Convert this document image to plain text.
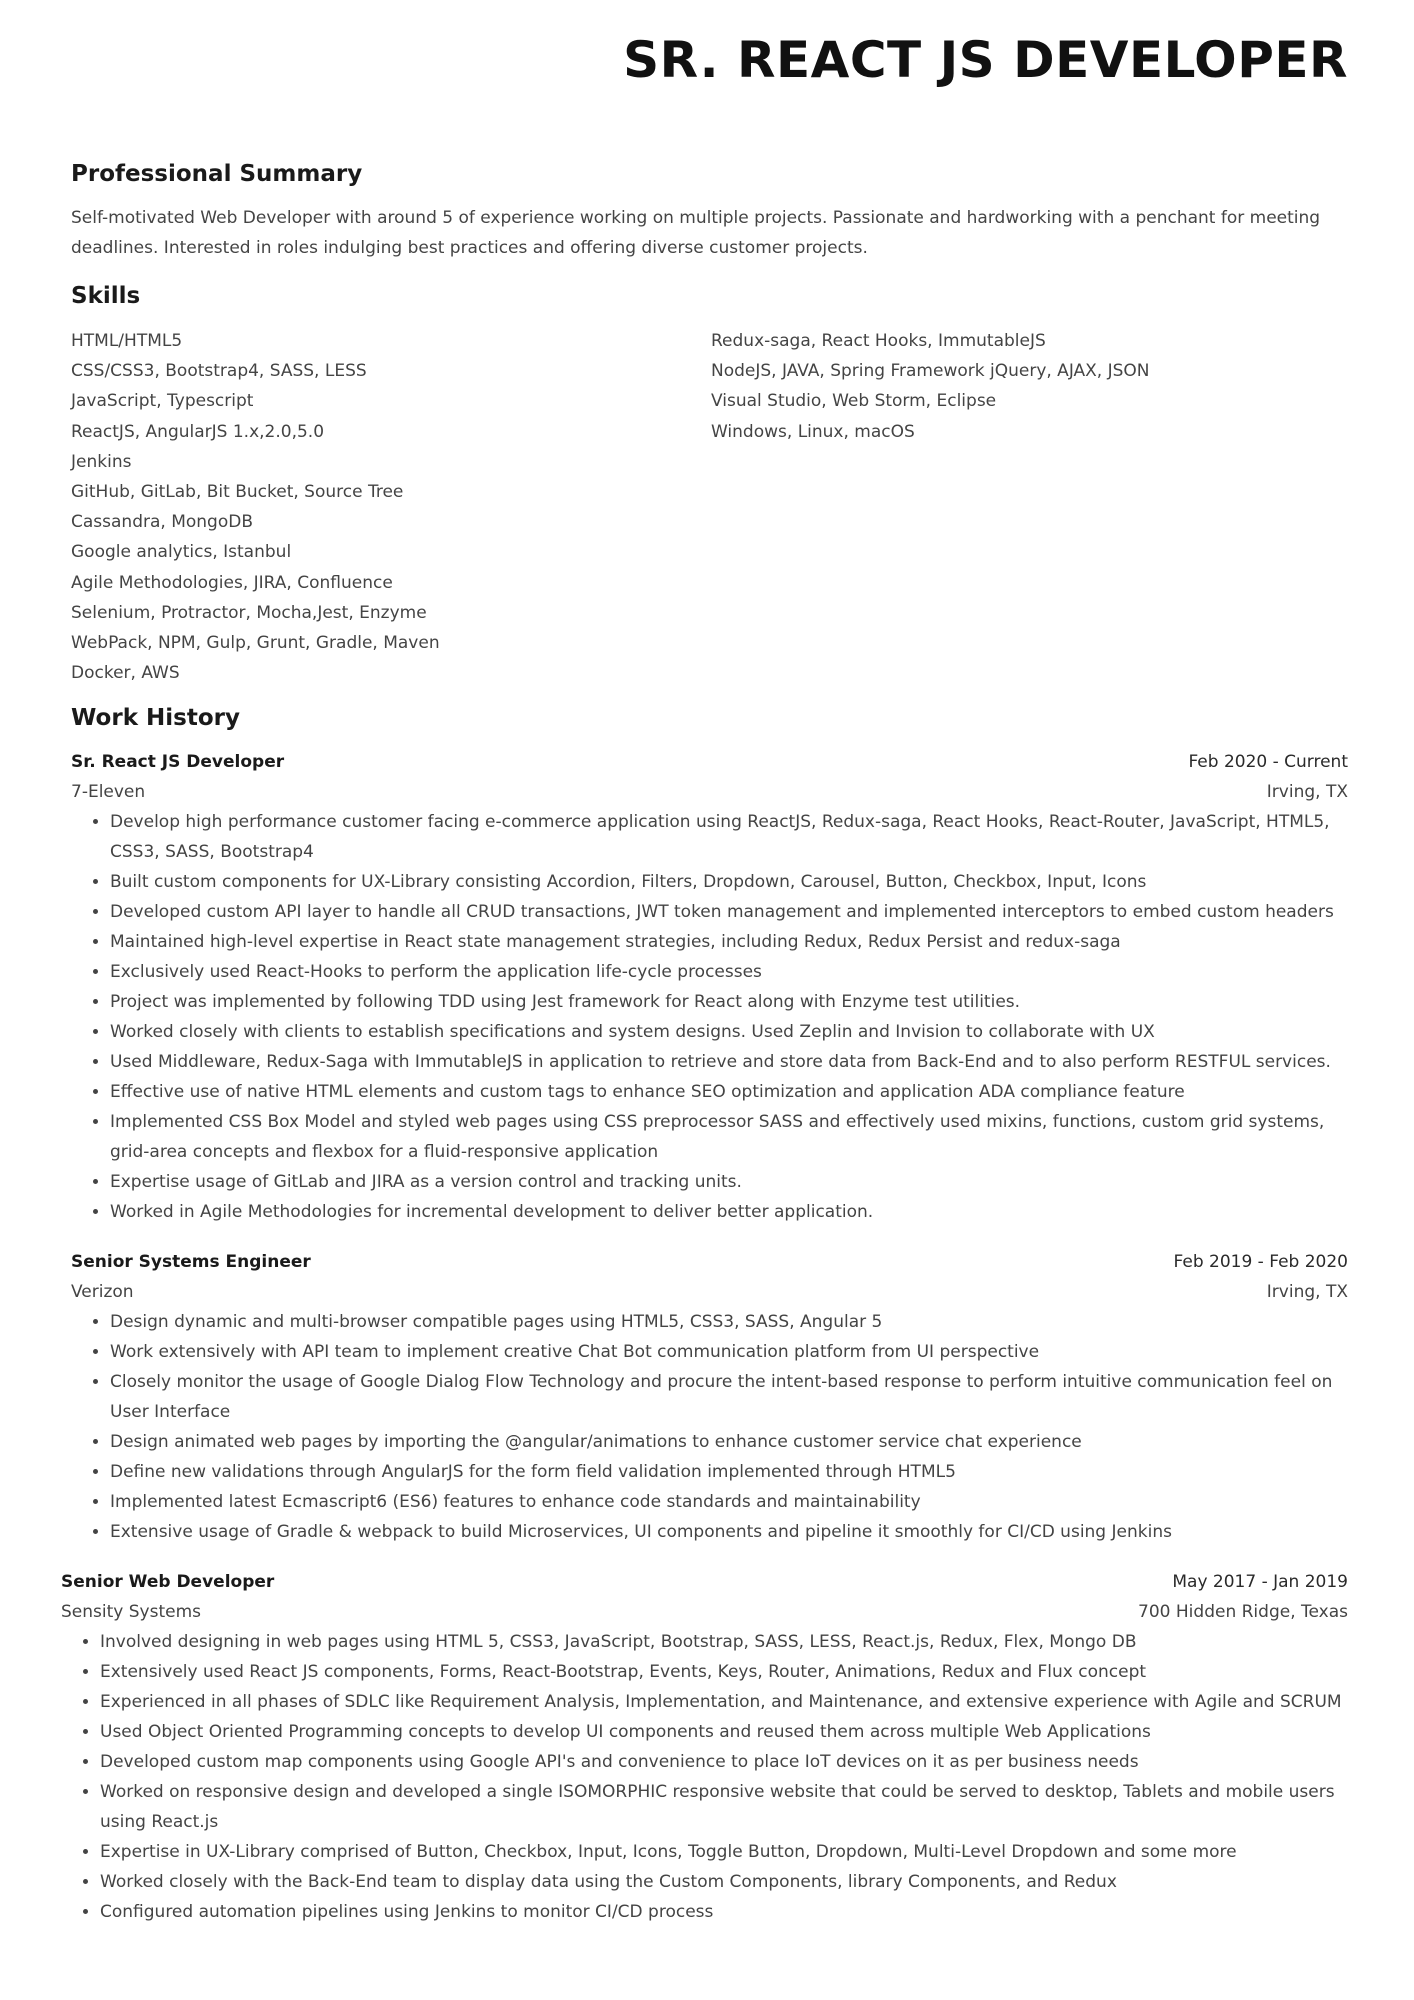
SR. REACT JS DEVELOPER
Professional Summary

Self-motivated Web Developer with around 5 of experience working on multiple projects. Passionate and hardworking with a penchant for meeting deadlines. Interested in roles indulging best practices and offering diverse customer projects.

Skills
HTML/HTML5
CSS/CSS3, Bootstrap4, SASS, LESS
JavaScript, Typescript
ReactJS, AngularJS 1.x,2.0,5.0
Jenkins
GitHub, GitLab, Bit Bucket, Source Tree
Cassandra, MongoDB
Google analytics, Istanbul
Agile Methodologies, JIRA, Confluence
Selenium, Protractor, Mocha,Jest, Enzyme
WebPack, NPM, Gulp, Grunt, Gradle, Maven
Docker, AWS
Redux-saga, React Hooks, ImmutableJS
NodeJS, JAVA, Spring Framework jQuery, AJAX, JSON
Visual Studio, Web Storm, Eclipse
Windows, Linux, macOS
Work History
Sr. React JS Developer	Feb 2020 - Current
7-Eleven	Irving, TX
• Develop high performance customer facing e-commerce application using ReactJS, Redux-saga, React Hooks, React-Router, JavaScript, HTML5, CSS3, SASS, Bootstrap4
• Built custom components for UX-Library consisting Accordion, Filters, Dropdown, Carousel, Button, Checkbox, Input, Icons
• Developed custom API layer to handle all CRUD transactions, JWT token management and implemented interceptors to embed custom headers
• Maintained high-level expertise in React state management strategies, including Redux, Redux Persist and redux-saga
• Exclusively used React-Hooks to perform the application life-cycle processes
• Project was implemented by following TDD using Jest framework for React along with Enzyme test utilities.
• Worked closely with clients to establish specifications and system designs. Used Zeplin and Invision to collaborate with UX
• Used Middleware, Redux-Saga with ImmutableJS in application to retrieve and store data from Back-End and to also perform RESTFUL services.
• Effective use of native HTML elements and custom tags to enhance SEO optimization and application ADA compliance feature
• Implemented CSS Box Model and styled web pages using CSS preprocessor SASS and effectively used mixins, functions, custom grid systems, grid-area concepts and flexbox for a fluid-responsive application
• Expertise usage of GitLab and JIRA as a version control and tracking units.
• Worked in Agile Methodologies for incremental development to deliver better application.
Senior Systems Engineer	Feb 2019 - Feb 2020
Verizon	Irving, TX
• Design dynamic and multi-browser compatible pages using HTML5, CSS3, SASS, Angular 5
• Work extensively with API team to implement creative Chat Bot communication platform from UI perspective
• Closely monitor the usage of Google Dialog Flow Technology and procure the intent-based response to perform intuitive communication feel on User Interface
• Design animated web pages by importing the @angular/animations to enhance customer service chat experience
• Define new validations through AngularJS for the form field validation implemented through HTML5
• Implemented latest Ecmascript6 (ES6) features to enhance code standards and maintainability
• Extensive usage of Gradle & webpack to build Microservices, UI components and pipeline it smoothly for CI/CD using Jenkins
Senior Web Developer	May 2017 - Jan 2019
Sensity Systems	700 Hidden Ridge, Texas
• Involved designing in web pages using HTML 5, CSS3, JavaScript, Bootstrap, SASS, LESS, React.js, Redux, Flex, Mongo DB
• Extensively used React JS components, Forms, React-Bootstrap, Events, Keys, Router, Animations, Redux and Flux concept
• Experienced in all phases of SDLC like Requirement Analysis, Implementation, and Maintenance, and extensive experience with Agile and SCRUM
• Used Object Oriented Programming concepts to develop UI components and reused them across multiple Web Applications
• Developed custom map components using Google API's and convenience to place IoT devices on it as per business needs
• Worked on responsive design and developed a single ISOMORPHIC responsive website that could be served to desktop, Tablets and mobile users using React.js
• Expertise in UX-Library comprised of Button, Checkbox, Input, Icons, Toggle Button, Dropdown, Multi-Level Dropdown and some more
• Worked closely with the Back-End team to display data using the Custom Components, library Components, and Redux
• Configured automation pipelines using Jenkins to monitor CI/CD process
